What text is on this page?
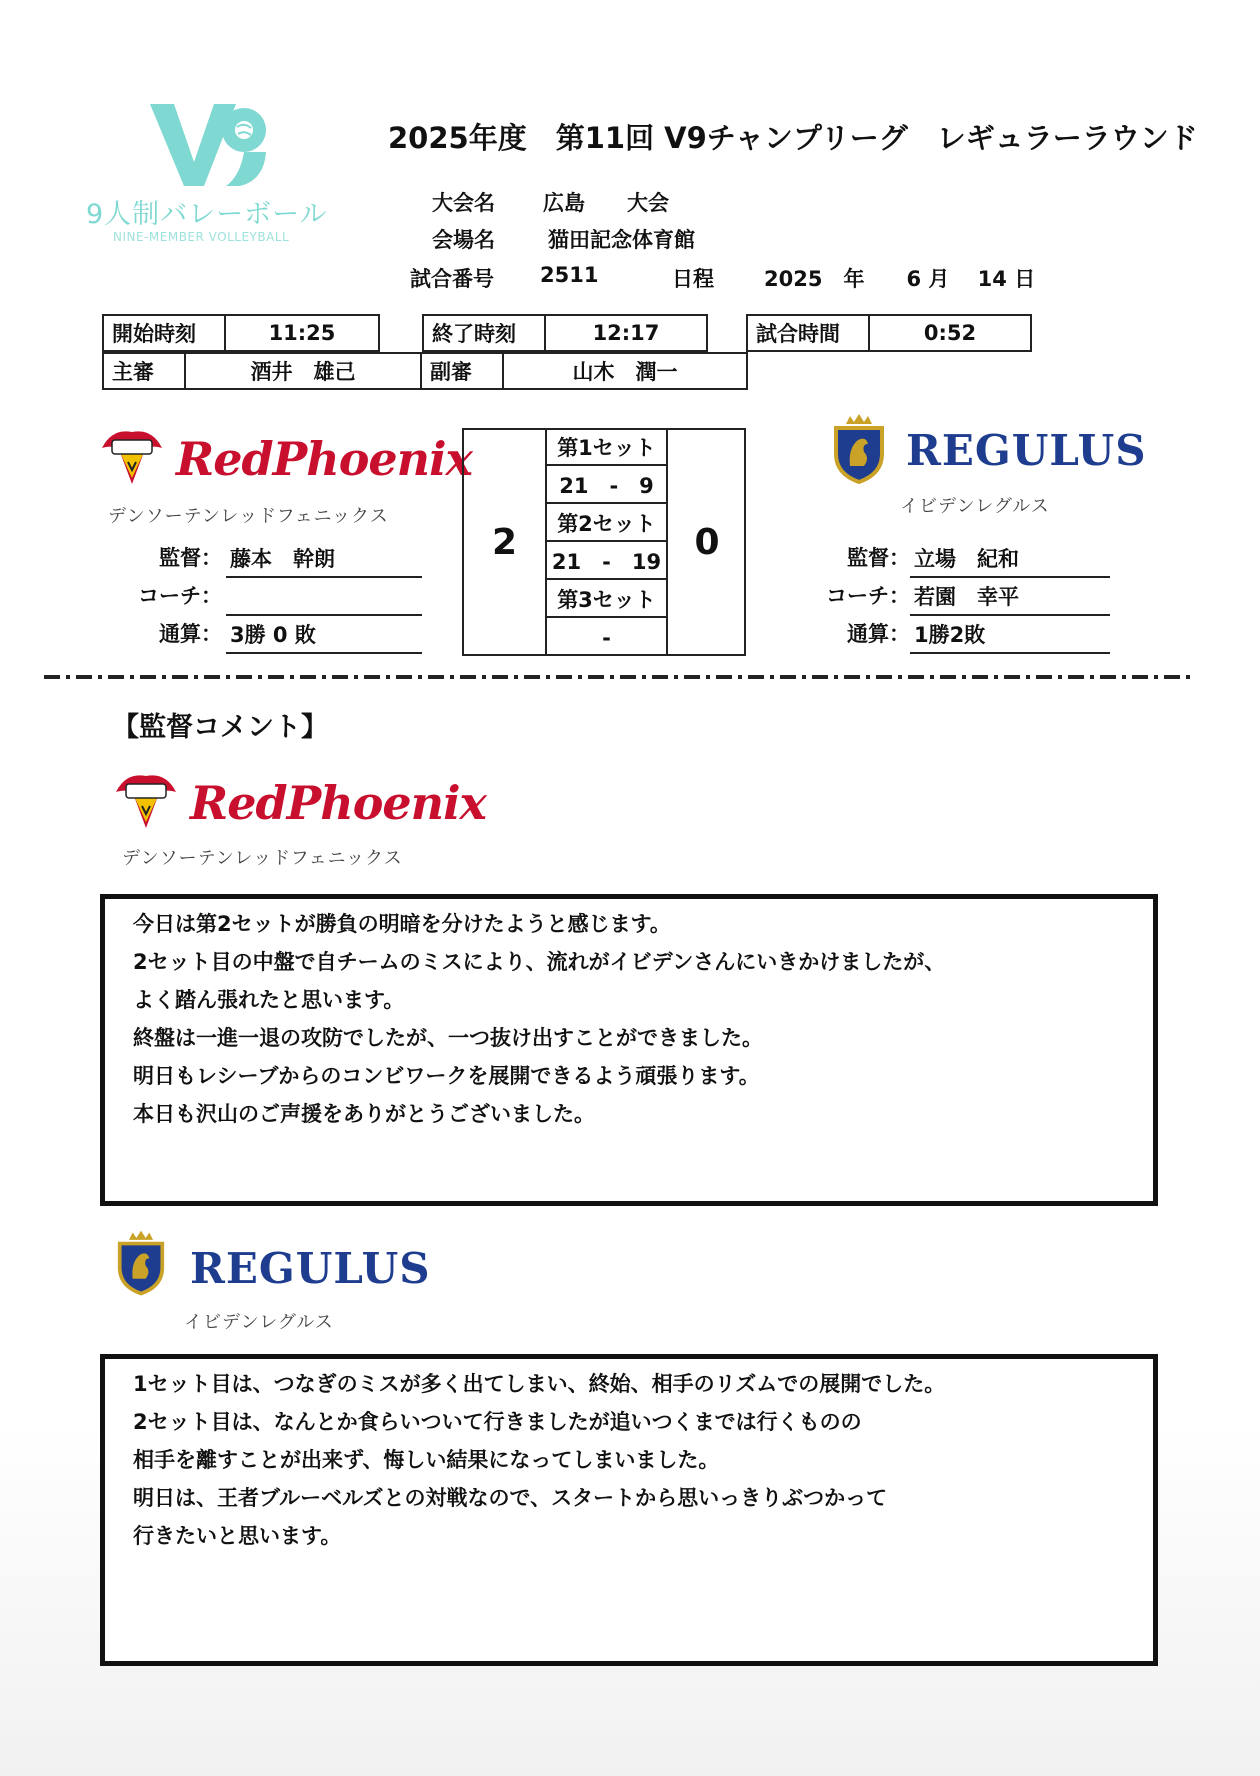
9人制バレーボール
NINE-MEMBER VOLLEYBALL
2025年度　第11回 V9チャンプリーグ　レギュラーラウンド
大会名 広島　　大会
会場名	猫田記念体育館
試合番号 2511	日程 2025　年　　6 月　 14 日
開始時刻	11:25	終了時刻	12:17	試合時間	0:52
主審	酒井　雄己	副審	山木　潤一
RedPhoenix
デンソーテンレッドフェニックス
監督： 藤本　幹朗
コーチ：
通算： 3勝 0 敗
2
第1セット
21　-　9
第2セット
21　-　19
第3セット
-
0
REGULUS
イビデンレグルス
監督： 立場　紀和
コーチ： 若園　幸平
通算： 1勝2敗
【監督コメント】
RedPhoenix
デンソーテンレッドフェニックス
今日は第2セットが勝負の明暗を分けたようと感じます。
2セット目の中盤で自チームのミスにより、流れがイビデンさんにいきかけましたが、
よく踏ん張れたと思います。
終盤は一進一退の攻防でしたが、一つ抜け出すことができました。
明日もレシーブからのコンビワークを展開できるよう頑張ります。
本日も沢山のご声援をありがとうございました。
REGULUS
イビデンレグルス
1セット目は、つなぎのミスが多く出てしまい、終始、相手のリズムでの展開でした。
2セット目は、なんとか食らいついて行きましたが追いつくまでは行くものの
相手を離すことが出来ず、悔しい結果になってしまいました。
明日は、王者ブルーベルズとの対戦なので、スタートから思いっきりぶつかって
行きたいと思います。
